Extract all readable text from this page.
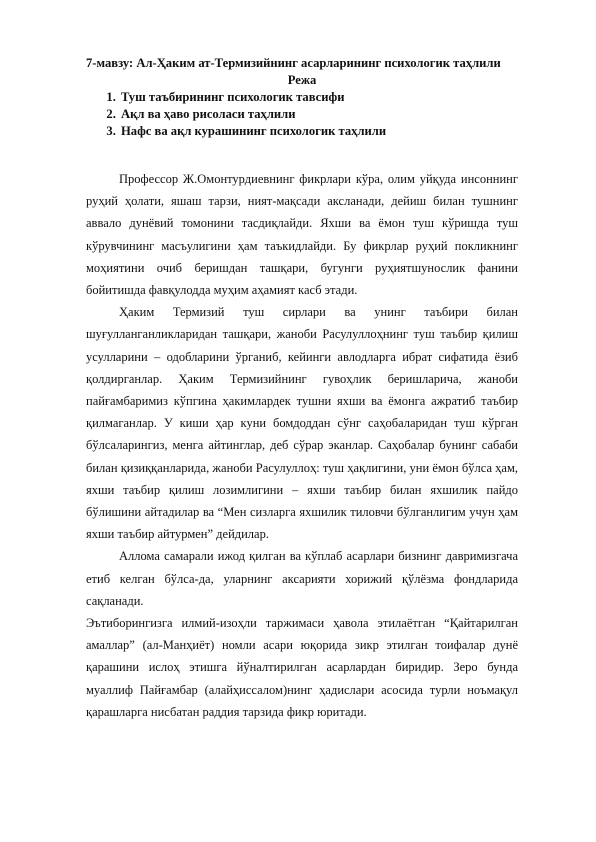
7-мавзу: Ал-Ҳаким ат-Термизийнинг асарларининг психологик таҳлили

Режа

1. Туш таъбирининг психологик тавсифи
2. Ақл ва ҳаво рисоласи таҳлили
3. Нафс ва ақл курашининг психологик таҳлили

Профессор Ж.Омонтурдиевнинг фикрлари кўра, олим уйқуда инсоннинг руҳий ҳолати, яшаш тарзи, ният-мақсади аксланади, дейиш билан тушнинг аввало дунёвий томонини тасдиқлайди. Яхши ва ёмон туш кўришда туш кўрувчининг масъулигини ҳам таъкидлайди. Бу фикрлар руҳий покликнинг моҳиятини очиб беришдан ташқари, бугунги руҳиятшунослик фанини бойитишда фавқулодда муҳим аҳамият касб этади.

Ҳаким Термизий туш сирлари ва унинг таъбири билан шуғулланганликларидан ташқари, жаноби Расулуллоҳнинг туш таъбир қилиш усулларини – одобларини ўрганиб, кейинги авлодларга ибрат сифатида ёзиб қолдирганлар. Ҳаким Термизийнинг гувоҳлик беришларича, жаноби пайғамбаримиз кўпгина ҳакимлардек тушни яхши ва ёмонга ажратиб таъбир қилмаганлар. У киши ҳар куни бомдоддан сўнг саҳобаларидан туш кўрган бўлсаларингиз, менга айтинглар, деб сўрар эканлар. Саҳобалар бунинг сабаби билан қизиққанларида, жаноби Расулуллоҳ: туш ҳақлигини, уни ёмон бўлса ҳам, яхши таъбир қилиш лозимлигини – яхши таъбир билан яхшилик пайдо бўлишини айтадилар ва “Мен сизларга яхшилик тиловчи бўлганлигим учун ҳам яхши таъбир айтурмен” дейдилар.

Аллома самарали ижод қилган ва кўплаб асарлари бизнинг давримизгача етиб келган бўлса-да, уларнинг аксарияти хорижий қўлёзма фондларида сақланади.

Эътиборингизга илмий-изоҳли таржимаси ҳавола этилаётган “Қайтарилган амаллар” (ал-Манҳиёт) номли асари юқорида зикр этилган тоифалар дунё қарашини ислоҳ этишга йўналтирилган асарлардан биридир. Зеро бунда муаллиф Пайғамбар (алайҳиссалом)нинг ҳадислари асосида турли ноъмақул қарашларга нисбатан раддия тарзида фикр юритади.
